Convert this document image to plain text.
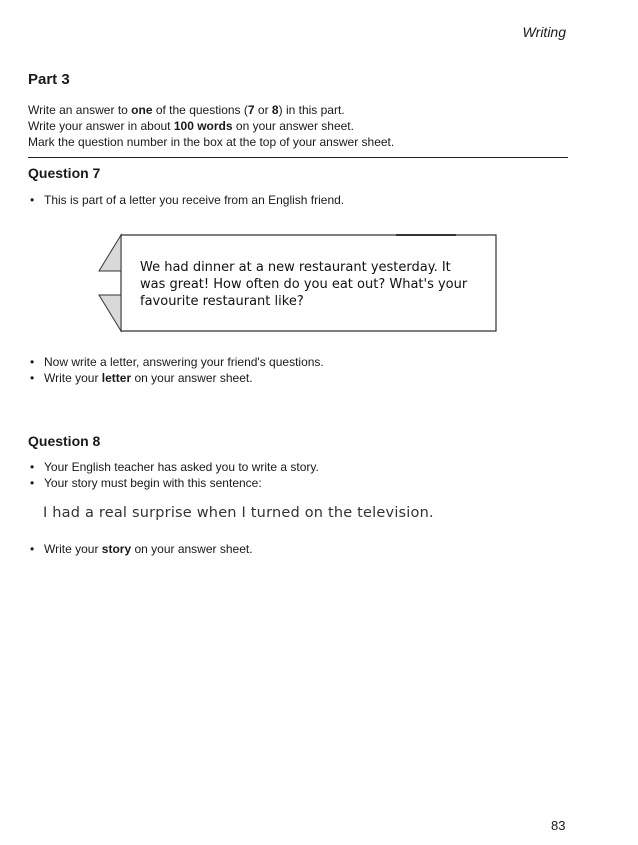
Writing
Part 3
Write an answer to one of the questions (7 or 8) in this part.
Write your answer in about 100 words on your answer sheet.
Mark the question number in the box at the top of your answer sheet.
Question 7
• This is part of a letter you receive from an English friend.
We had dinner at a new restaurant yesterday. It
was great! How often do you eat out? What's your
favourite restaurant like?
• Now write a letter, answering your friend's questions.
• Write your letter on your answer sheet.
Question 8
• Your English teacher has asked you to write a story.
• Your story must begin with this sentence:
I had a real surprise when I turned on the television.
• Write your story on your answer sheet.
83
